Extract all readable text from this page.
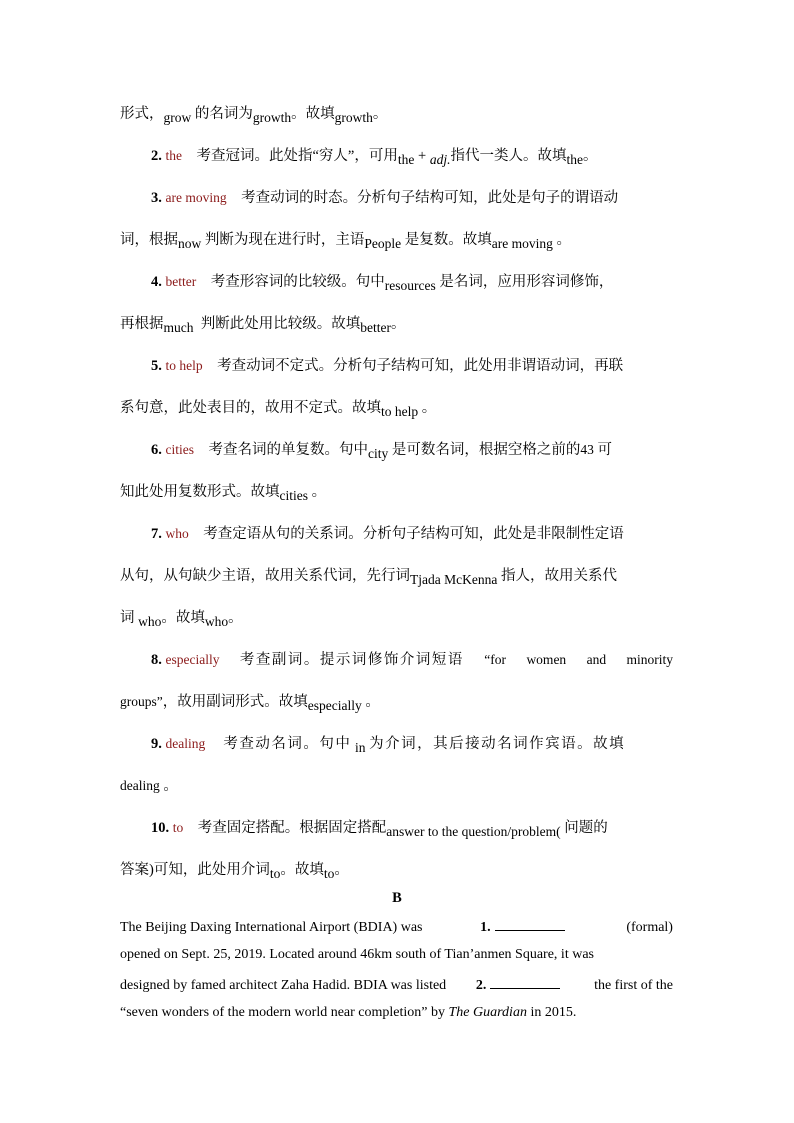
形式， grow
的名词为 growth 。故填 growth 。
2.
the
考查冠词。此处指“穷人”，可用 the
+
adj. 指代一类人。故填 the 。
3.
are moving
考查动词的时态。分析句子结构可知，此处是句子的谓语动
词，根据 now
判断为现在进行时，主语 People
是复数。故填 are moving
。
4.
better
考查形容词的比较级。句中 resources
是名词，应用形容词修饰，
再根据 much
判断此处用比较级。故填 better 。
5.
to help
考查动词不定式。分析句子结构可知，此处用非谓语动词，再联
系句意，此处表目的，故用不定式。故填 to help
。
6.
cities
考查名词的单复数。句中 city
是可数名词，根据空格之前的 43
可
知此处用复数形式。故填 cities
。
7.
who
考查定语从句的关系词。分析句子结构可知，此处是非限制性定语
从句，从句缺少主语，故用关系代词，先行词 Tjada McKenna
指人，故用关系代
词
who 。故填 who 。
8.
especially 考查副词。提示词修饰介词短语 “for women and minority
groups” ，故用副词形式。故填 especially
。
9.
dealing
考查动名词。句中
in
为介词，其后接动名词作宾语。故填
dealing
。
10.
to
考查固定搭配。根据固定搭配 answer to the question/problem(
问题的
答案) 可知，此处用介词 to 。故填 to 。
B
The Beijing Daxing International Airport (BDIA) was	1.	(formal)
opened on Sept. 25, 2019. Located around 46km south of Tian’anmen Square, it was
designed by famed architect Zaha Hadid. BDIA was listed 2.	the first of the
“seven wonders of the modern world near completion” by
The Guardian
in 2015.
